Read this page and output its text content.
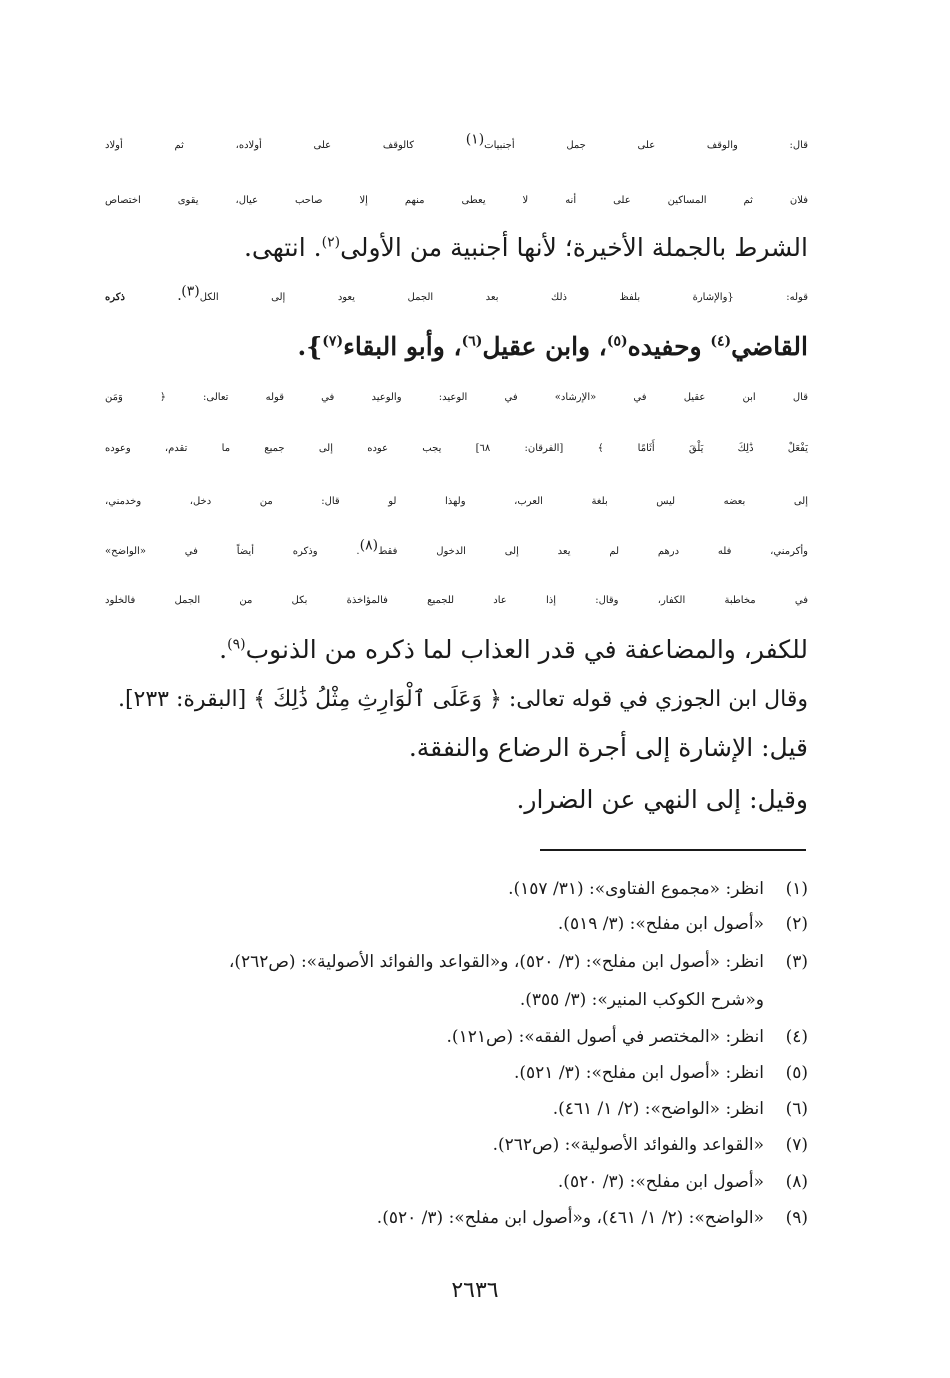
قال: والوقف على جمل أجنبيات(١) كالوقف على أولاده، ثم أولاد
فلان ثم المساكين على أنه لا يعطى منهم إلا صاحب عيال، يقوى اختصاص
الشرط بالجملة الأخيرة؛ لأنها أجنبية من الأولى$^{(٢)}$. انتهى.
قوله: {والإشارة بلفظ ذلك بعد الجمل يعود إلى الكل(٣). ذكره
القاضي$^{(٤)}$ وحفيده$^{(٥)}$، وابن عقيل$^{(٦)}$، وأبو البقاء$^{(٧)}$}.
قال ابن عقيل في «الإرشاد» في الوعيد: والوعيد في قوله تعالى: ﴿ وَمَن
يَفْعَلْ ذَٰلِكَ يَلْقَ أَثَامًا ﴾ [الفرقان: ٦٨] يجب عوده إلى جميع ما تقدم، وعوده
إلى بعضه ليس بلغة العرب، ولهذا لو قال: من دخل، وخدمني،
وأكرمني، فله درهم لم يعد إلى الدخول فقط(٨). وذكره أيضاً في «الواضح»
في مخاطبة الكفار، وقال: إذا عاد للجميع فالمؤاخذة بكل من الجمل فالخلود
للكفر، والمضاعفة في قدر العذاب لما ذكره من الذنوب$^{(٩)}$.
وقال ابن الجوزي في قوله تعالى: ﴿ وَعَلَى ٱلْوَارِثِ مِثْلُ ذَٰلِكَ ﴾ [البقرة: ٢٣٣].
قيل: الإشارة إلى أجرة الرضاع والنفقة.
وقيل: إلى النهي عن الضرار.
(١)انظر: «مجموع الفتاوى»: (٣١/ ١٥٧).
(٢)«أصول ابن مفلح»: (٣/ ٥١٩).
(٣)انظر: «أصول ابن مفلح»: (٣/ ٥٢٠)، و«القواعد والفوائد الأصولية»: (ص٢٦٢)،
و«شرح الكوكب المنير»: (٣/ ٣٥٥).
(٤)انظر: «المختصر في أصول الفقه»: (ص١٢١).
(٥)انظر: «أصول ابن مفلح»: (٣/ ٥٢١).
(٦)انظر: «الواضح»: (٢/ ١/ ٤٦١).
(٧)«القواعد والفوائد الأصولية»: (ص٢٦٢).
(٨)«أصول ابن مفلح»: (٣/ ٥٢٠).
(٩)«الواضح»: (٢/ ١/ ٤٦١)، و«أصول ابن مفلح»: (٣/ ٥٢٠).
٢٦٣٦
